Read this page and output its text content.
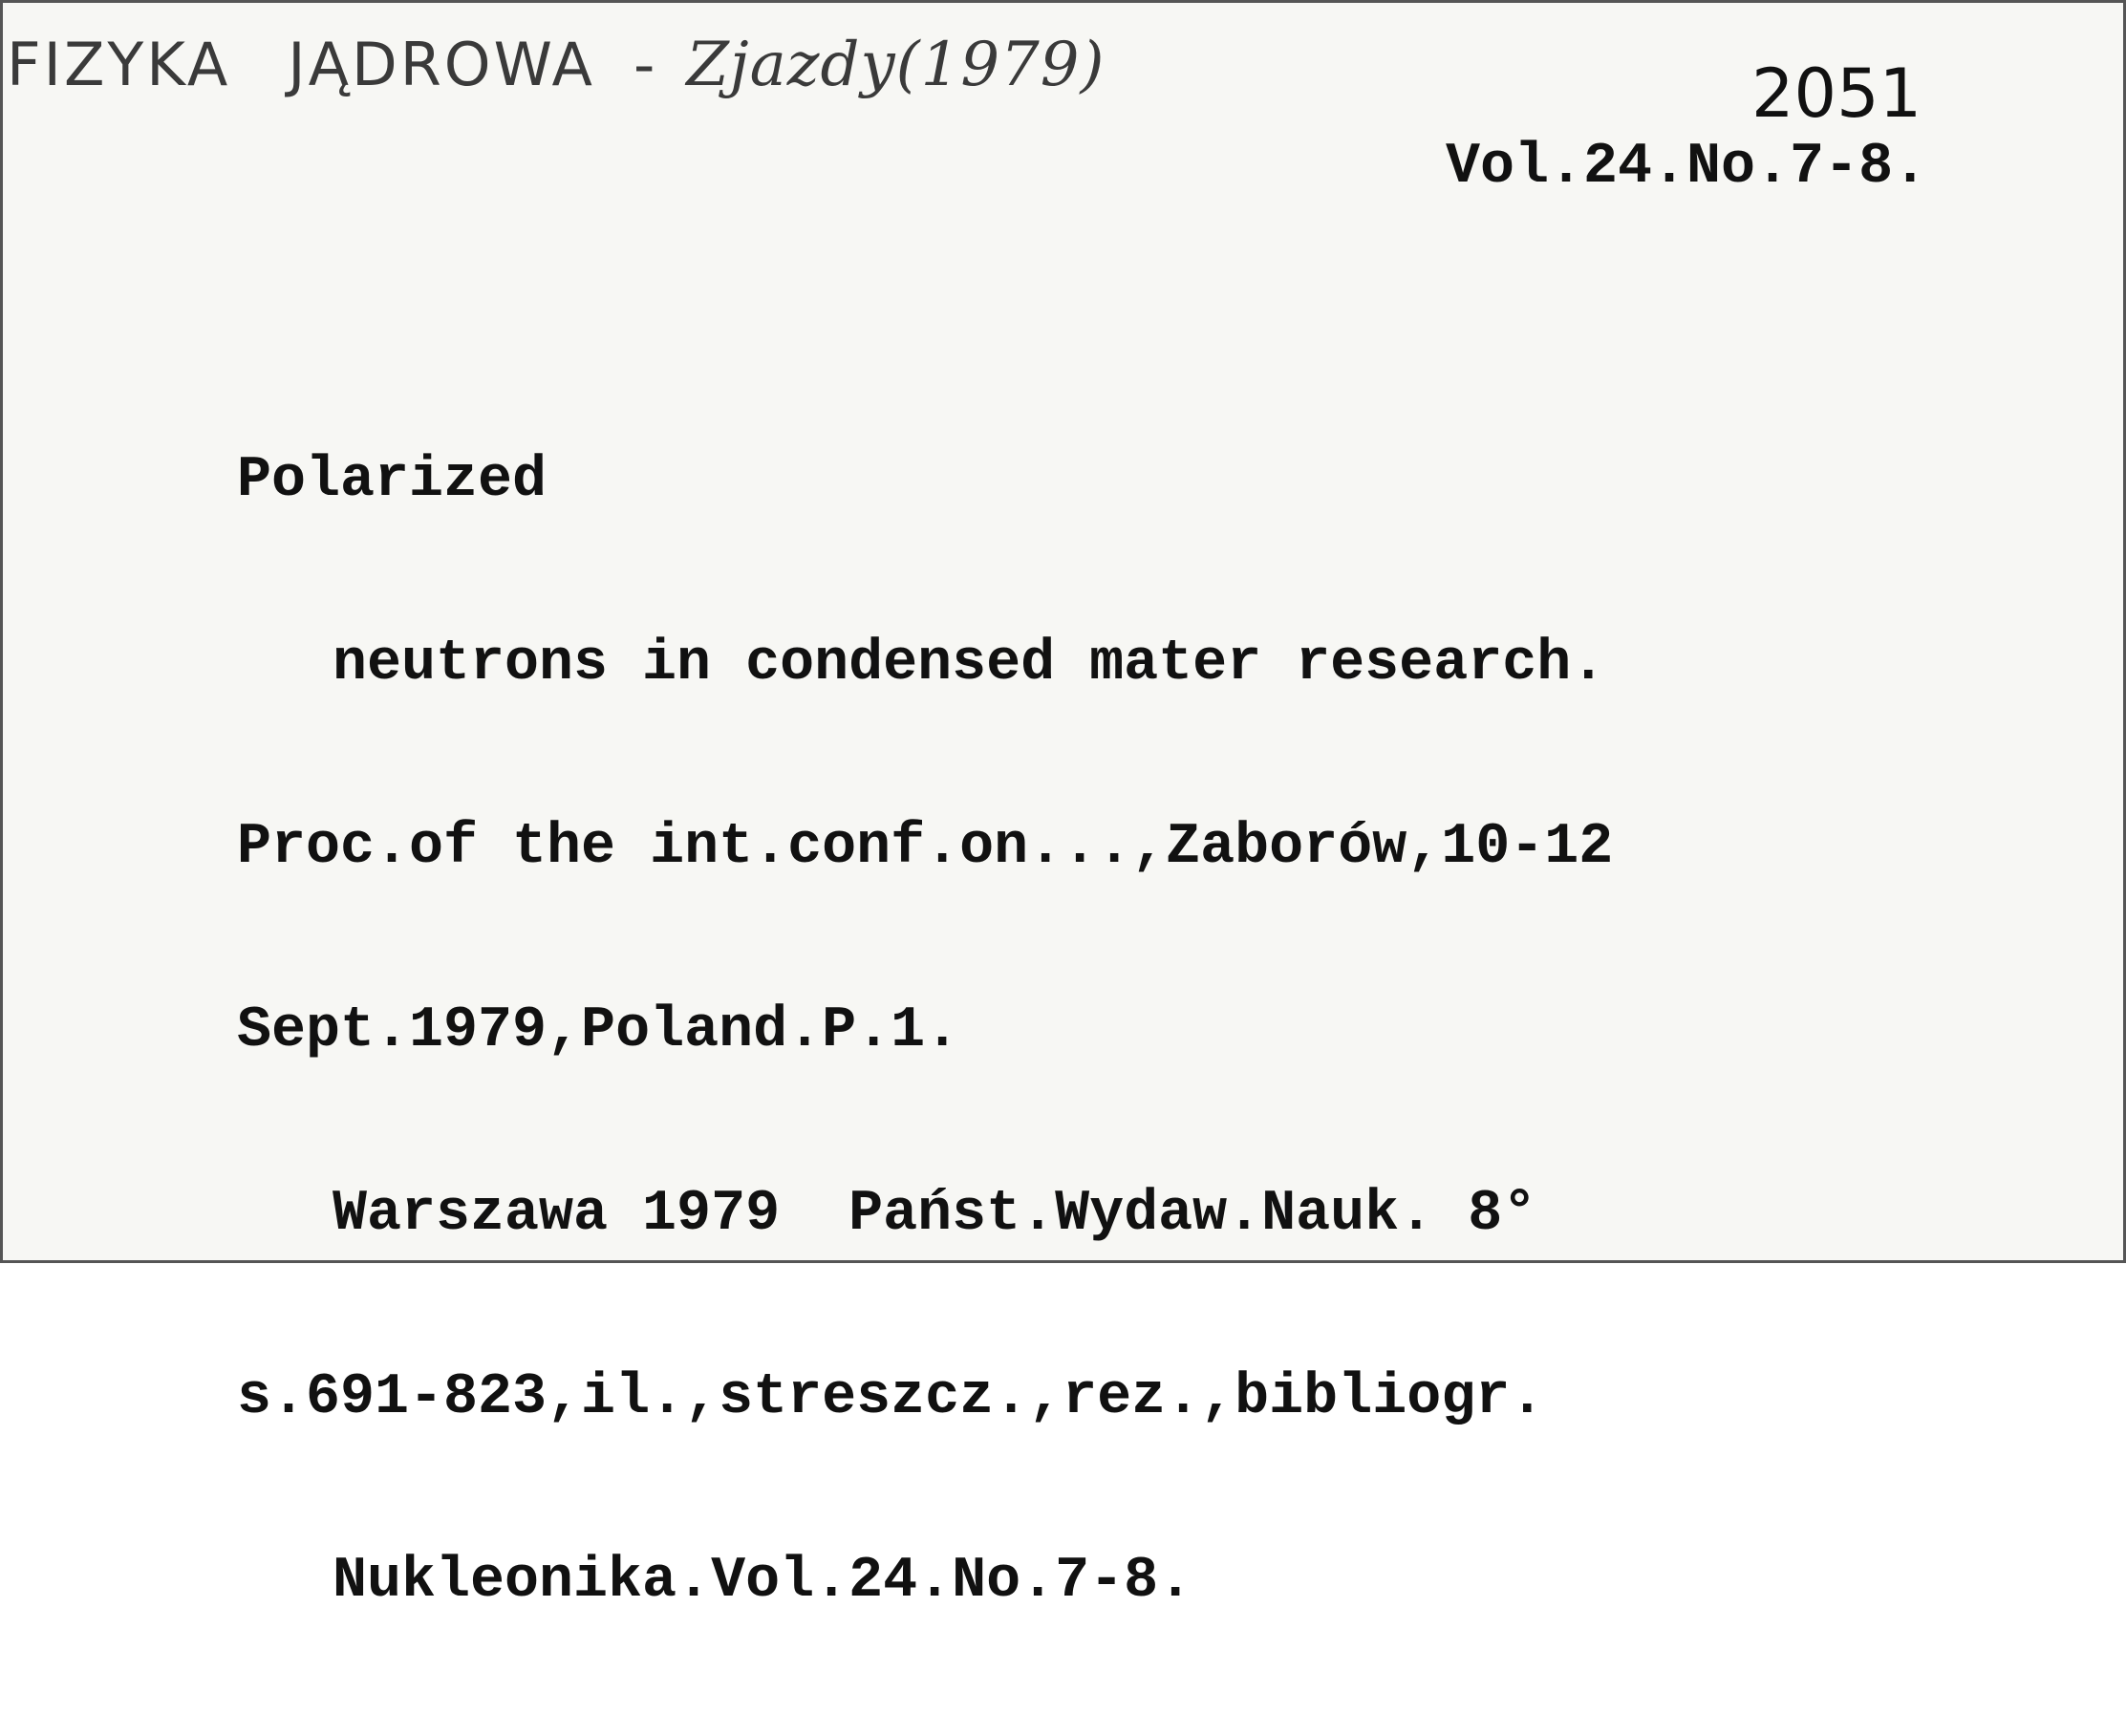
FIZYKA JĄDROWA - Zjazdy(1979)	2051
Vol.24.No.7-8.

Polarized

neutrons in condensed mater research.

Proc.of the int.conf.on...,Zaborów,10-12

Sept.1979,Poland.P.1.

Warszawa 1979  Państ.Wydaw.Nauk. 8°

s.691-823,il.,streszcz.,rez.,bibliogr.

Nukleonika.Vol.24.No.7-8.
